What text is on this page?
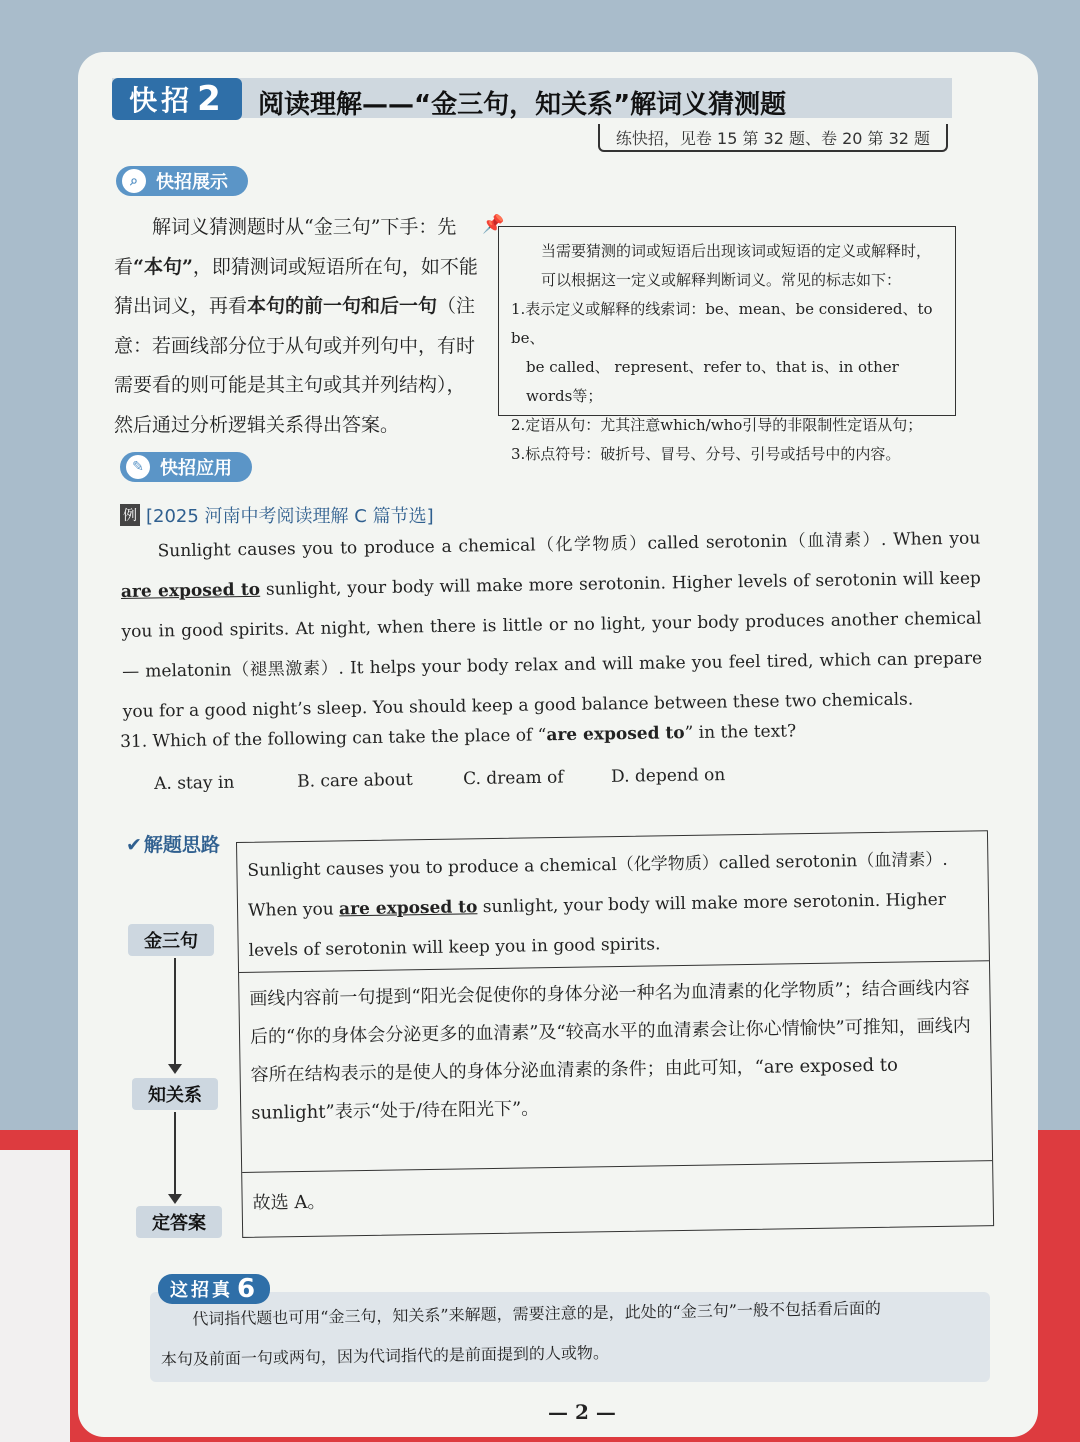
快招 2 阅读理解——“金三句，知关系”解词义猜测题
练快招，见卷 15 第 32 题、卷 20 第 32 题
⌕	快招展示
解词义猜测题时从“金三句”下手：先看“本句”，即猜测词或短语所在句，如不能猜出词义，再看本句的前一句和后一句（注意：若画线部分位于从句或并列句中，有时需要看的则可能是其主句或其并列结构），然后通过分析逻辑关系得出答案。
📌

当需要猜测的词或短语后出现该词或短语的定义或解释时，可以根据这一定义或解释判断词义。常见的标志如下：

1.表示定义或解释的线索词：be、mean、be considered、to be、

be called、 represent、refer to、that is、in other words等；

2.定语从句：尤其注意which/who引导的非限制性定语从句；

3.标点符号：破折号、冒号、分号、引号或括号中的内容。

✎ 快招应用
例 [2025 河南中考阅读理解 C 篇节选]
Sunlight causes you to produce a chemical（化学物质）called serotonin（血清素）. When you are exposed to sunlight, your body will make more serotonin. Higher levels of serotonin will keep you in good spirits. At night, when there is little or no light, your body produces another chemical — melatonin（褪黑激素）. It helps your body relax and will make you feel tired, which can prepare you for a good night’s sleep. You should keep a good balance between these two chemicals.
31. Which of the following can take the place of “are exposed to” in the text?
A. stay in	B. care about	C. dream of	D. depend on
✔ 解题思路
金三句
知关系
定答案
Sunlight causes you to produce a chemical（化学物质）called serotonin（血清素）. When you are exposed to sunlight, your body will make more serotonin. Higher levels of serotonin will keep you in good spirits.
画线内容前一句提到“阳光会促使你的身体分泌一种名为血清素的化学物质”；结合画线内容后的“你的身体会分泌更多的血清素”及“较高水平的血清素会让你心情愉快”可推知，画线内容所在结构表示的是使人的身体分泌血清素的条件；由此可知，“are exposed to sunlight”表示“处于/待在阳光下”。
故选 A。
这招真 6
代词指代题也可用“金三句，知关系”来解题，需要注意的是，此处的“金三句”一般不包括看后面的
本句及前面一句或两句，因为代词指代的是前面提到的人或物。
— 2 —
